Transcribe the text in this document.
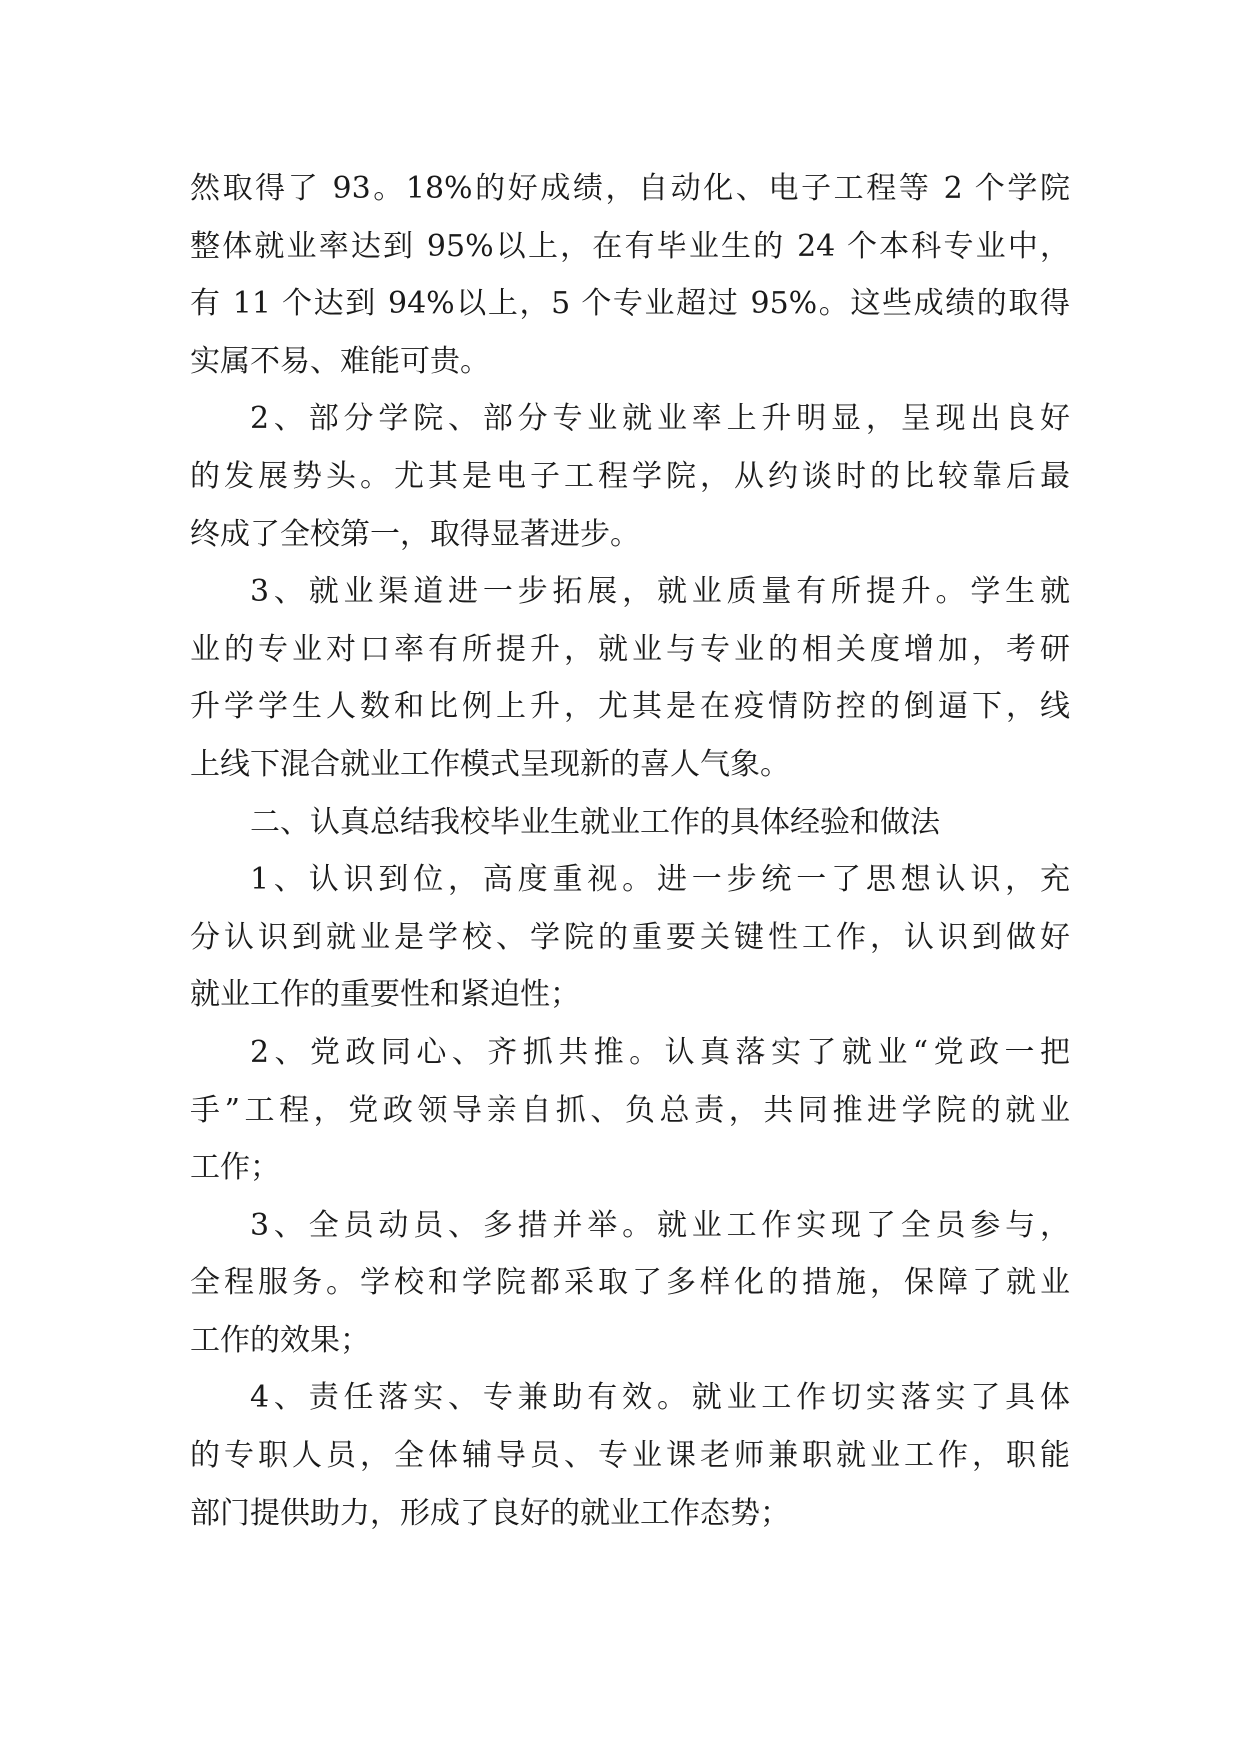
然取得了 93。18%的好成绩，自动化、电子工程等 2 个学院
整体就业率达到 95%以上，在有毕业生的 24 个本科专业中，
有 11 个达到 94%以上，5 个专业超过 95%。这些成绩的取得
实属不易、难能可贵。
2、部分学院、部分专业就业率上升明显，呈现出良好
的发展势头。尤其是电子工程学院，从约谈时的比较靠后最
终成了全校第一，取得显著进步。
3、就业渠道进一步拓展，就业质量有所提升。学生就
业的专业对口率有所提升，就业与专业的相关度增加，考研
升学学生人数和比例上升，尤其是在疫情防控的倒逼下，线
上线下混合就业工作模式呈现新的喜人气象。
二、认真总结我校毕业生就业工作的具体经验和做法
1、认识到位，高度重视。进一步统一了思想认识，充
分认识到就业是学校、学院的重要关键性工作，认识到做好
就业工作的重要性和紧迫性；
2、党政同心、齐抓共推。认真落实了就业“党政一把
手”工程，党政领导亲自抓、负总责，共同推进学院的就业
工作；
3、全员动员、多措并举。就业工作实现了全员参与，
全程服务。学校和学院都采取了多样化的措施，保障了就业
工作的效果；
4、责任落实、专兼助有效。就业工作切实落实了具体
的专职人员，全体辅导员、专业课老师兼职就业工作，职能
部门提供助力，形成了良好的就业工作态势；
